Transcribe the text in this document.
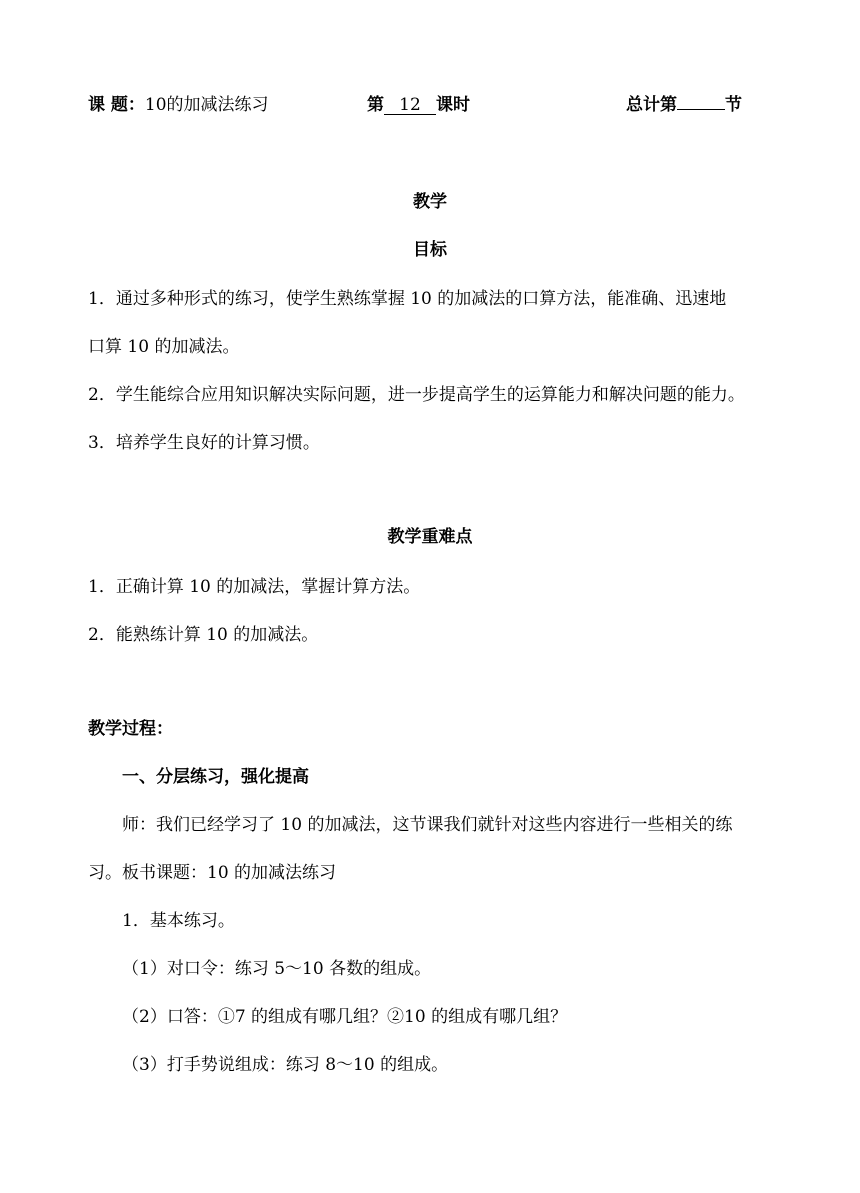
课 题：10的加减法练习	第 12 课时	总计第	节
教学
目标
1．通过多种形式的练习，使学生熟练掌握 10 的加减法的口算方法，能准确、迅速地
口算 10 的加减法。
2．学生能综合应用知识解决实际问题，进一步提高学生的运算能力和解决问题的能力。
3．培养学生良好的计算习惯。
教学重难点
1．正确计算 10 的加减法，掌握计算方法。
2．能熟练计算 10 的加减法。
教学过程：
一、分层练习，强化提高
师：我们已经学习了 10 的加减法，这节课我们就针对这些内容进行一些相关的练
习。板书课题：10 的加减法练习
1．基本练习。
（1）对口令：练习 5～10 各数的组成。
（2）口答：①7 的组成有哪几组？②10 的组成有哪几组？
（3）打手势说组成：练习 8～10 的组成。
